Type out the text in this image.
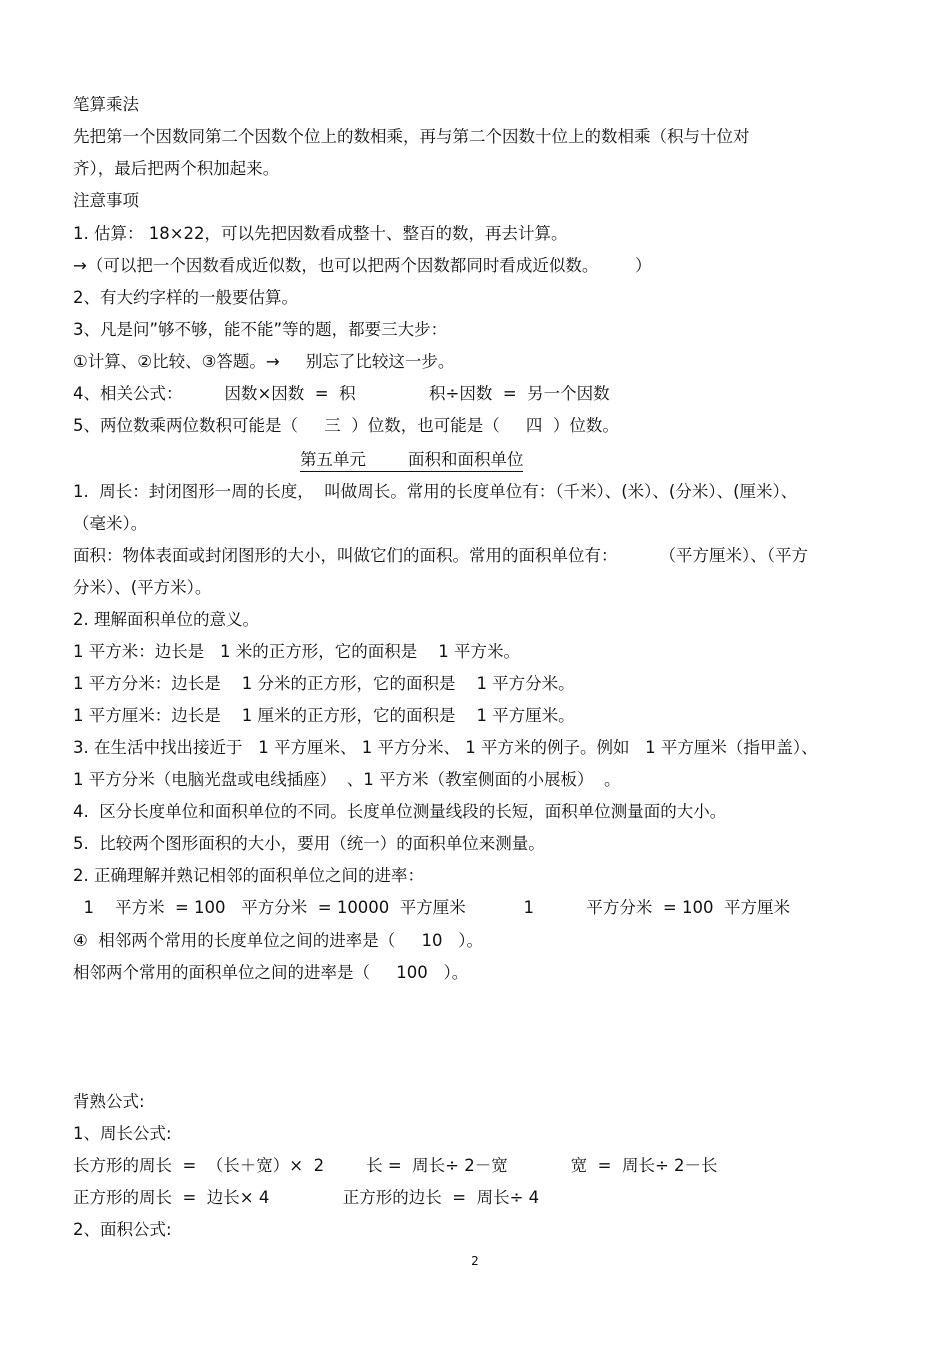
笔算乘法
先把第一个因数同第二个因数个位上的数相乘，再与第二个因数十位上的数相乘（积与十位对
齐），最后把两个积加起来。
注意事项
1. 估算： 18×22，可以先把因数看成整十、整百的数，再去计算。
→（可以把一个因数看成近似数，也可以把两个因数都同时看成近似数。       ）
2、有大约字样的一般要估算。
3、凡是问”够不够，能不能”等的题，都要三大步：
①计算、②比较、③答题。→     别忘了比较这一步。
4、相关公式：        因数×因数  =  积              积÷因数  =  另一个因数
5、两位数乘两位数积可能是（     三  ）位数，也可能是（     四  ）位数。
第五单元        面积和面积单位
1.  周长：封闭图形一周的长度，  叫做周长。常用的长度单位有：（千米）、(米）、(分米）、(厘米）、
（毫米）。
面积：物体表面或封闭图形的大小，叫做它们的面积。常用的面积单位有：        （平方厘米）、（平方
分米）、(平方米）。
2. 理解面积单位的意义。
1 平方米：边长是   1 米的正方形，它的面积是    1 平方米。
1 平方分米：边长是    1 分米的正方形，它的面积是    1 平方分米。
1 平方厘米：边长是    1 厘米的正方形，它的面积是    1 平方厘米。
3. 在生活中找出接近于   1 平方厘米、 1 平方分米、 1 平方米的例子。例如   1 平方厘米（指甲盖）、
1 平方分米（电脑光盘或电线插座）  、1 平方米（教室侧面的小展板）  。
4.  区分长度单位和面积单位的不同。长度单位测量线段的长短，面积单位测量面的大小。
5.  比较两个图形面积的大小，要用（统一）的面积单位来测量。
2. 正确理解并熟记相邻的面积单位之间的进率：
1    平方米  = 100   平方分米  = 10000  平方厘米           1          平方分米  = 100  平方厘米
④  相邻两个常用的长度单位之间的进率是（     10   ）。
相邻两个常用的面积单位之间的进率是（     100   ）。
背熟公式:
1、周长公式:
长方形的周长  =  （长＋宽）×  2        长 =  周长÷ 2－宽            宽  =  周长÷ 2－长
正方形的周长  =  边长× 4              正方形的边长  =  周长÷ 4
2、面积公式:
2
